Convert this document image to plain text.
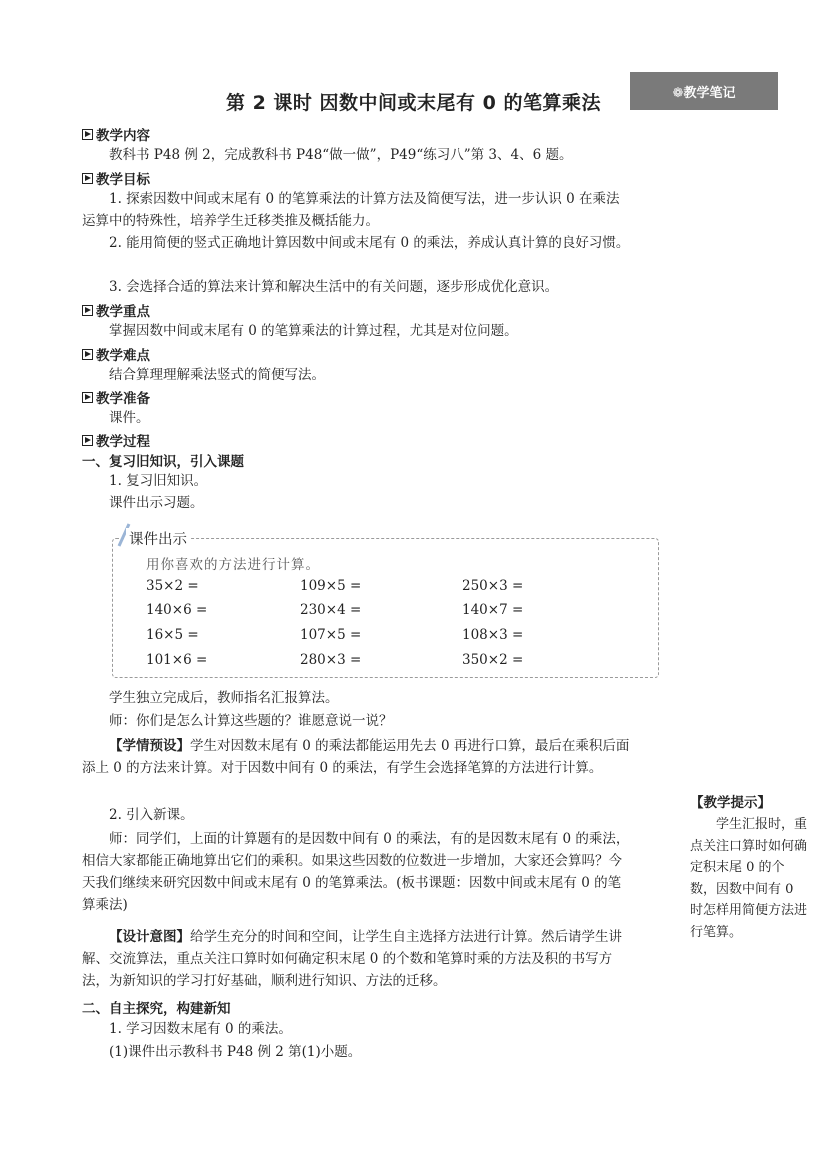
❁教学笔记
第 2 课时 因数中间或末尾有 0 的笔算乘法
教学内容
教科书 P48 例 2，完成教科书 P48“做一做”，P49“练习八”第 3、4、6 题。
教学目标
1. 探索因数中间或末尾有 0 的笔算乘法的计算方法及简便写法，进一步认识 0 在乘法运算中的特殊性，培养学生迁移类推及概括能力。
2. 能用简便的竖式正确地计算因数中间或末尾有 0 的乘法，养成认真计算的良好习惯。
3. 会选择合适的算法来计算和解决生活中的有关问题，逐步形成优化意识。
教学重点
掌握因数中间或末尾有 0 的笔算乘法的计算过程，尤其是对位问题。
教学难点
结合算理理解乘法竖式的简便写法。
教学准备
课件。
教学过程
一、复习旧知识，引入课题
1. 复习旧知识。
课件出示习题。
课件出示
用你喜欢的方法进行计算。
35×2 =	109×5 =	250×3 =
140×6 =	230×4 =	140×7 =
16×5 =	107×5 =	108×3 =
101×6 =	280×3 =	350×2 =
学生独立完成后，教师指名汇报算法。
师：你们是怎么计算这些题的？谁愿意说一说？
【学情预设】学生对因数末尾有 0 的乘法都能运用先去 0 再进行口算，最后在乘积后面添上 0 的方法来计算。对于因数中间有 0 的乘法，有学生会选择笔算的方法进行计算。
2. 引入新课。
师：同学们，上面的计算题有的是因数中间有 0 的乘法，有的是因数末尾有 0 的乘法，相信大家都能正确地算出它们的乘积。如果这些因数的位数进一步增加，大家还会算吗？今天我们继续来研究因数中间或末尾有 0 的笔算乘法。(板书课题：因数中间或末尾有 0 的笔算乘法)
【设计意图】给学生充分的时间和空间，让学生自主选择方法进行计算。然后请学生讲解、交流算法，重点关注口算时如何确定积末尾 0 的个数和笔算时乘的方法及积的书写方法，为新知识的学习打好基础，顺利进行知识、方法的迁移。
二、自主探究，构建新知
1. 学习因数末尾有 0 的乘法。
(1)课件出示教科书 P48 例 2 第(1)小题。
【教学提示】
学生汇报时，重点关注口算时如何确定积末尾 0 的个数，因数中间有 0 时怎样用简便方法进行笔算。
